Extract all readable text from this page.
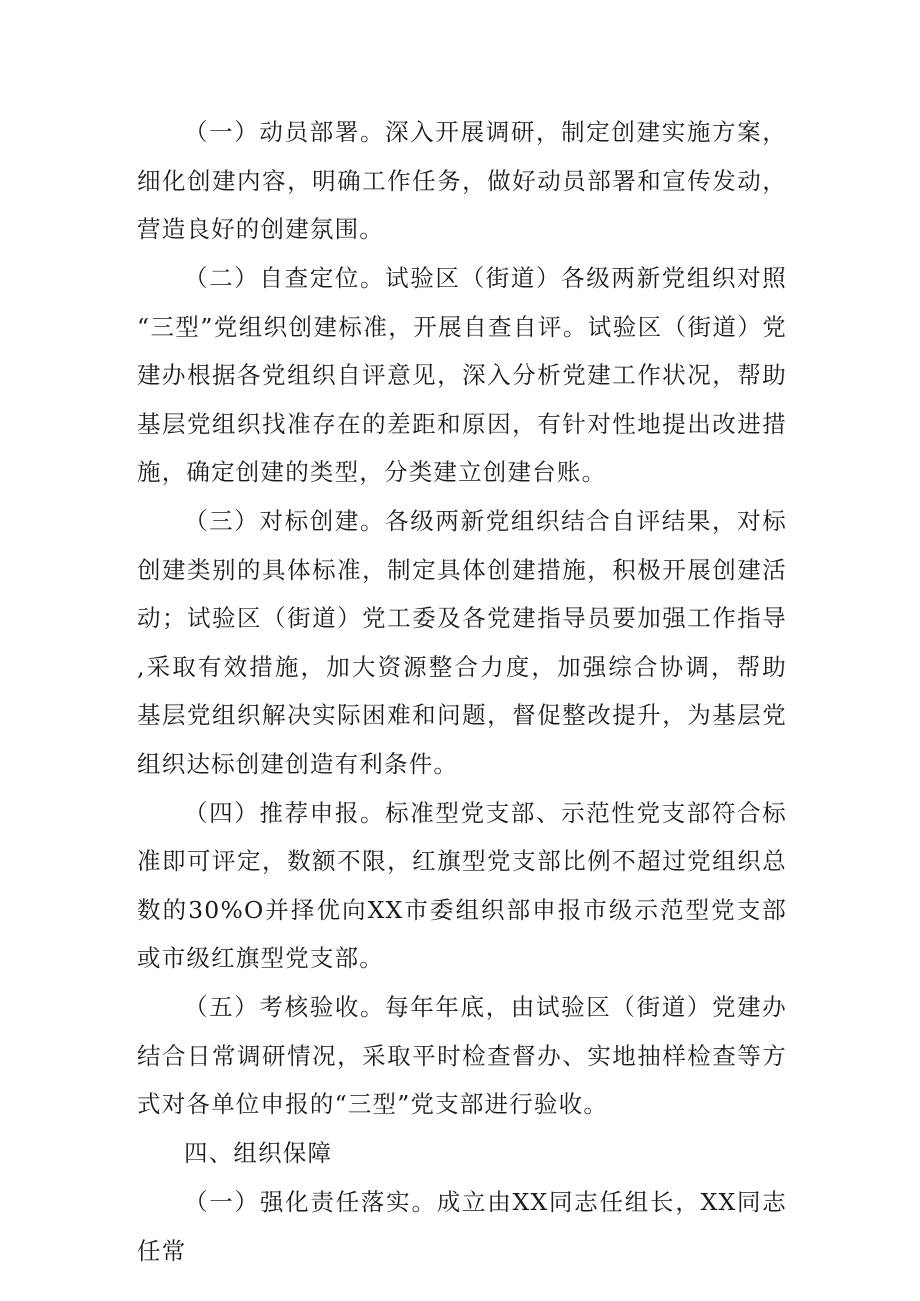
（一）动员部署。深入开展调研，制定创建实施方案，细化创建内容，明确工作任务，做好动员部署和宣传发动，营造良好的创建氛围。

（二）自查定位。试验区（街道）各级两新党组织对照“三型”党组织创建标准，开展自查自评。试验区（街道）党建办根据各党组织自评意见，深入分析党建工作状况，帮助基层党组织找准存在的差距和原因，有针对性地提出改进措施，确定创建的类型，分类建立创建台账。

（三）对标创建。各级两新党组织结合自评结果，对标创建类别的具体标准，制定具体创建措施，积极开展创建活动；试验区（街道）党工委及各党建指导员要加强工作指导,采取有效措施，加大资源整合力度，加强综合协调，帮助基层党组织解决实际困难和问题，督促整改提升，为基层党组织达标创建创造有利条件。

（四）推荐申报。标准型党支部、示范性党支部符合标准即可评定，数额不限，红旗型党支部比例不超过党组织总数的30%O并择优向XX市委组织部申报市级示范型党支部或市级红旗型党支部。

（五）考核验收。每年年底，由试验区（街道）党建办结合日常调研情况，采取平时检查督办、实地抽样检查等方式对各单位申报的“三型”党支部进行验收。

四、组织保障

（一）强化责任落实。成立由XX同志任组长，XX同志任常
